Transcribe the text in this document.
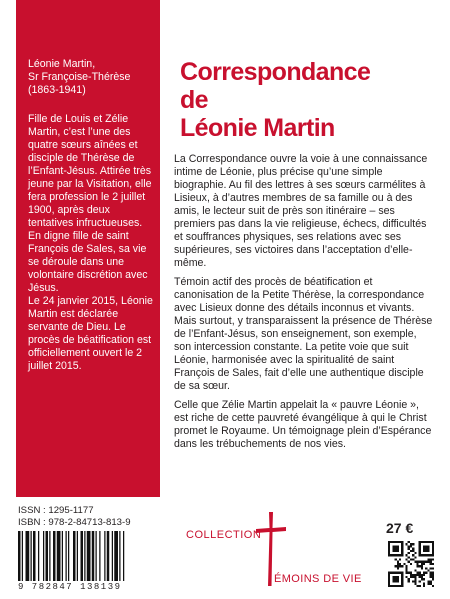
Léonie Martin,
Sr Françoise-Thérèse
(1863-1941)

Fille de Louis et Zélie Martin, c’est l’une des quatre sœurs aînées et disciple de Thérèse de l’Enfant-Jésus. Attirée très jeune par la Visitation, elle fera profession le 2 juillet 1900, après deux tentatives infructueuses. En digne fille de saint François de Sales, sa vie se déroule dans une volontaire discrétion avec Jésus.

Le 24 janvier 2015, Léonie Martin est déclarée servante de Dieu. Le procès de béatification est officiellement ouvert le 2 juillet 2015.

Correspondance
de
Léonie Martin

La Correspondance ouvre la voie à une connaissance intime de Léonie, plus précise qu’une simple biographie. Au fil des lettres à ses sœurs carmélites à Lisieux, à d’autres membres de sa famille ou à des amis, le lecteur suit de près son itinéraire – ses premiers pas dans la vie religieuse, échecs, difficultés et souffrances physiques, ses relations avec ses supérieures, ses victoires dans l’acceptation d’elle-même.

Témoin actif des procès de béatification et canonisation de la Petite Thérèse, la correspondance avec Lisieux donne des détails inconnus et vivants. Mais surtout, y transparaissent la présence de Thérèse de l’Enfant-Jésus, son enseignement, son exemple, son intercession constante. La petite voie que suit Léonie, harmonisée avec la spiritualité de saint François de Sales, fait d’elle une authentique disciple de sa sœur.

Celle que Zélie Martin appelait la « pauvre Léonie », est riche de cette pauvreté évangélique à qui le Christ promet le Royaume. Un témoignage plein d’Espérance dans les trébuchements de nos vies.

ISSN : 1295-1177
ISBN : 978-2-84713-813-9
9 782847 138139
COLLECTION
ÉMOINS DE VIE
27 €
